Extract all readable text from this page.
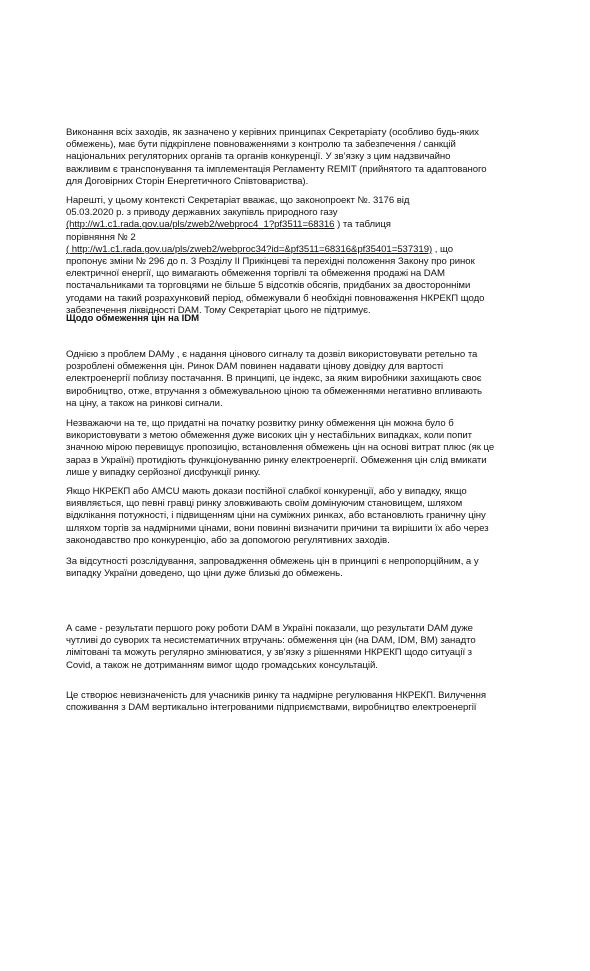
Виконання всіх заходів, як зазначено у керівних принципах Секретаріату (особливо будь-яких

обмежень), має бути підкріплене повноваженнями з контролю та забезпечення / санкцій

національних регуляторних органів та органів конкуренції. У зв’язку з цим надзвичайно

важливим є транспонування та імплементація Регламенту REMIT (прийнятого та адаптованого

для Договірних Сторін Енергетичного Співтовариства).

Нарешті, у цьому контексті Секретаріат вважає, що законопроект №. 3176 від

05.03.2020 р. з приводу державних закупівль природного газу

(http://w1.c1.rada.gov.ua/pls/zweb2/webproc4_1?pf3511=68316 ) та таблиця

порівняння № 2

( http://w1.c1.rada.gov.ua/pls/zweb2/webproc34?id=&pf3511=68316&pf35401=537319) , що

пропонує зміни № 296 до п. 3 Розділу II Прикінцеві та перехідні положення Закону про ринок

електричної енергії, що вимагають обмеження торгівлі та обмеження продажі на DAM

постачальниками та торговцями не більше 5 відсотків обсягів, придбаних за двосторонніми

угодами на такий розрахунковий період, обмежували б необхідні повноваження НКРЕКП щодо

забезпечення ліквідності DAM. Тому Секретаріат цього не підтримує.

Щодо обмеження цін на IDM

Однією з проблем DAMу , є надання цінового сигналу та дозвіл використовувати ретельно та

розроблені обмеження цін. Ринок DAM повинен надавати цінову довідку для вартості

електроенергії поблизу постачання. В принципі, це індекс, за яким виробники захищають своє

виробництво, отже, втручання з обмежувальною ціною та обмеженнями негативно впливають

на ціну, а також на ринкові сигнали.

Незважаючи на те, що придатні на початку розвитку ринку обмеження цін можна було б

використовувати з метою обмеження дуже високих цін у нестабільних випадках, коли попит

значною мірою перевищує пропозицію, встановлення обмежень цін на основі витрат плюс (як це

зараз в Україні) протидіють функціонуванню ринку електроенергії. Обмеження цін слід вмикати

лише у випадку серйозної дисфункції ринку.

Якщо НКРЕКП або АМCU мають докази постійної слабкої конкуренції, або у випадку, якщо

виявляється, що певні гравці ринку зловживають своїм домінуючим становищем, шляхом

відклікання потужності, і підвищенням ціни на суміжних ринках, або встановлють граничну ціну

шляхом торгів за надмірними цінами, вони повинні визначити причини та вирішити їх або через

законодавство про конкуренцію, або за допомогою регулятивних заходів.

За відсутності розслідування, запровадження обмежень цін в принципі є непропорційним, а у

випадку України доведено, що ціни дуже близькі до обмежень.

А саме - результати першого року роботи DAM в Україні показали, що результати DAM дуже

чутливі до суворих та несистематичних втручань: обмеження цін (на DAM, IDM, BM) занадто

лімітовані та можуть регулярно змінюватися, у зв’язку з рішеннями НКРЕКП щодо ситуації з

Covid, а також не дотриманням вимог щодо громадських консультацій.

Це створює невизначеність для учасників ринку та надмірне регулювання НКРЕКП. Вилучення

споживання з DAM вертикально інтегрованими підприємствами, виробництво електроенергії
